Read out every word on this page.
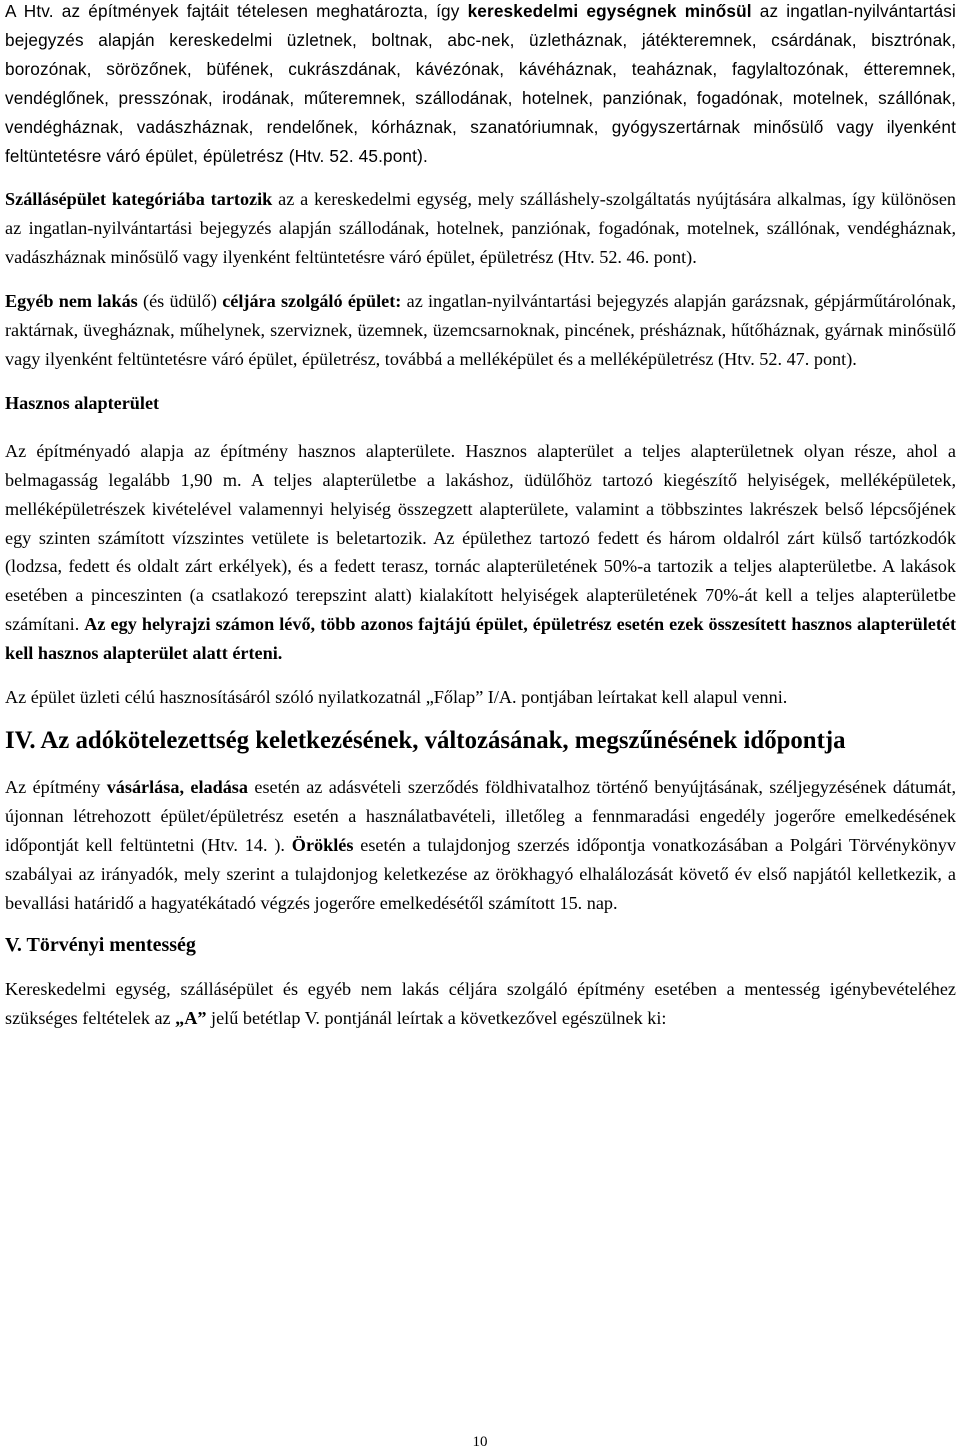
A Htv. az építmények fajtáit tételesen meghatározta, így kereskedelmi egységnek minősül az ingatlan-nyilvántartási bejegyzés alapján kereskedelmi üzletnek, boltnak, abc-nek, üzletháznak, játékteremnek, csárdának, bisztrónak, borozónak, sörözőnek, büfének, cukrászdának, kávézónak, kávéháznak, teaháznak, fagylaltozónak, étteremnek, vendéglőnek, presszónak, irodának, műteremnek, szállodának, hotelnek, panziónak, fogadónak, motelnek, szállónak, vendégháznak, vadászháznak, rendelőnek, kórháznak, szanatóriumnak, gyógyszertárnak minősülő vagy ilyenként feltüntetésre váró épület, épületrész (Htv. 52. 45.pont).

Szállásépület kategóriába tartozik az a kereskedelmi egység, mely szálláshely-szolgáltatás nyújtására alkalmas, így különösen az ingatlan-nyilvántartási bejegyzés alapján szállodának, hotelnek, panziónak, fogadónak, motelnek, szállónak, vendégháznak, vadászháznak minősülő vagy ilyenként feltüntetésre váró épület, épületrész (Htv. 52. 46. pont).

Egyéb nem lakás (és üdülő) céljára szolgáló épület: az ingatlan-nyilvántartási bejegyzés alapján garázsnak, gépjárműtárolónak, raktárnak, üvegháznak, műhelynek, szerviznek, üzemnek, üzemcsarnoknak, pincének, présháznak, hűtőháznak, gyárnak minősülő vagy ilyenként feltüntetésre váró épület, épületrész, továbbá a melléképület és a melléképületrész (Htv. 52. 47. pont).

Hasznos alapterület

Az építményadó alapja az építmény hasznos alapterülete. Hasznos alapterület a teljes alapterületnek olyan része, ahol a belmagasság legalább 1,90 m. A teljes alapterületbe a lakáshoz, üdülőhöz tartozó kiegészítő helyiségek, melléképületek, melléképületrészek kivételével valamennyi helyiség összegzett alapterülete, valamint a többszintes lakrészek belső lépcsőjének egy szinten számított vízszintes vetülete is beletartozik. Az épülethez tartozó fedett és három oldalról zárt külső tartózkodók (lodzsa, fedett és oldalt zárt erkélyek), és a fedett terasz, tornác alapterületének 50%-a tartozik a teljes alapterületbe. A lakások esetében a pinceszinten (a csatlakozó terepszint alatt) kialakított helyiségek alapterületének 70%-át kell a teljes alapterületbe számítani. Az egy helyrajzi számon lévő, több azonos fajtájú épület, épületrész esetén ezek összesített hasznos alapterületét kell hasznos alapterület alatt érteni.

Az épület üzleti célú hasznosításáról szóló nyilatkozatnál „Főlap” I/A. pontjában leírtakat kell alapul venni.

IV. Az adókötelezettség keletkezésének, változásának, megszűnésének időpontja

Az építmény vásárlása, eladása esetén az adásvételi szerződés földhivatalhoz történő benyújtásának, széljegyzésének dátumát, újonnan létrehozott épület/épületrész esetén a használatbavételi, illetőleg a fennmaradási engedély jogerőre emelkedésének időpontját kell feltüntetni (Htv. 14. ). Öröklés esetén a tulajdonjog szerzés időpontja vonatkozásában a Polgári Törvénykönyv szabályai az irányadók, mely szerint a tulajdonjog keletkezése az örökhagyó elhalálozását követő év első napjától kelletkezik, a bevallási határidő a hagyatékátadó végzés jogerőre emelkedésétől számított 15. nap.

V. Törvényi mentesség

Kereskedelmi egység, szállásépület és egyéb nem lakás céljára szolgáló építmény esetében a mentesség igénybevételéhez szükséges feltételek az „A” jelű betétlap V. pontjánál leírtak a következővel egészülnek ki:

10
